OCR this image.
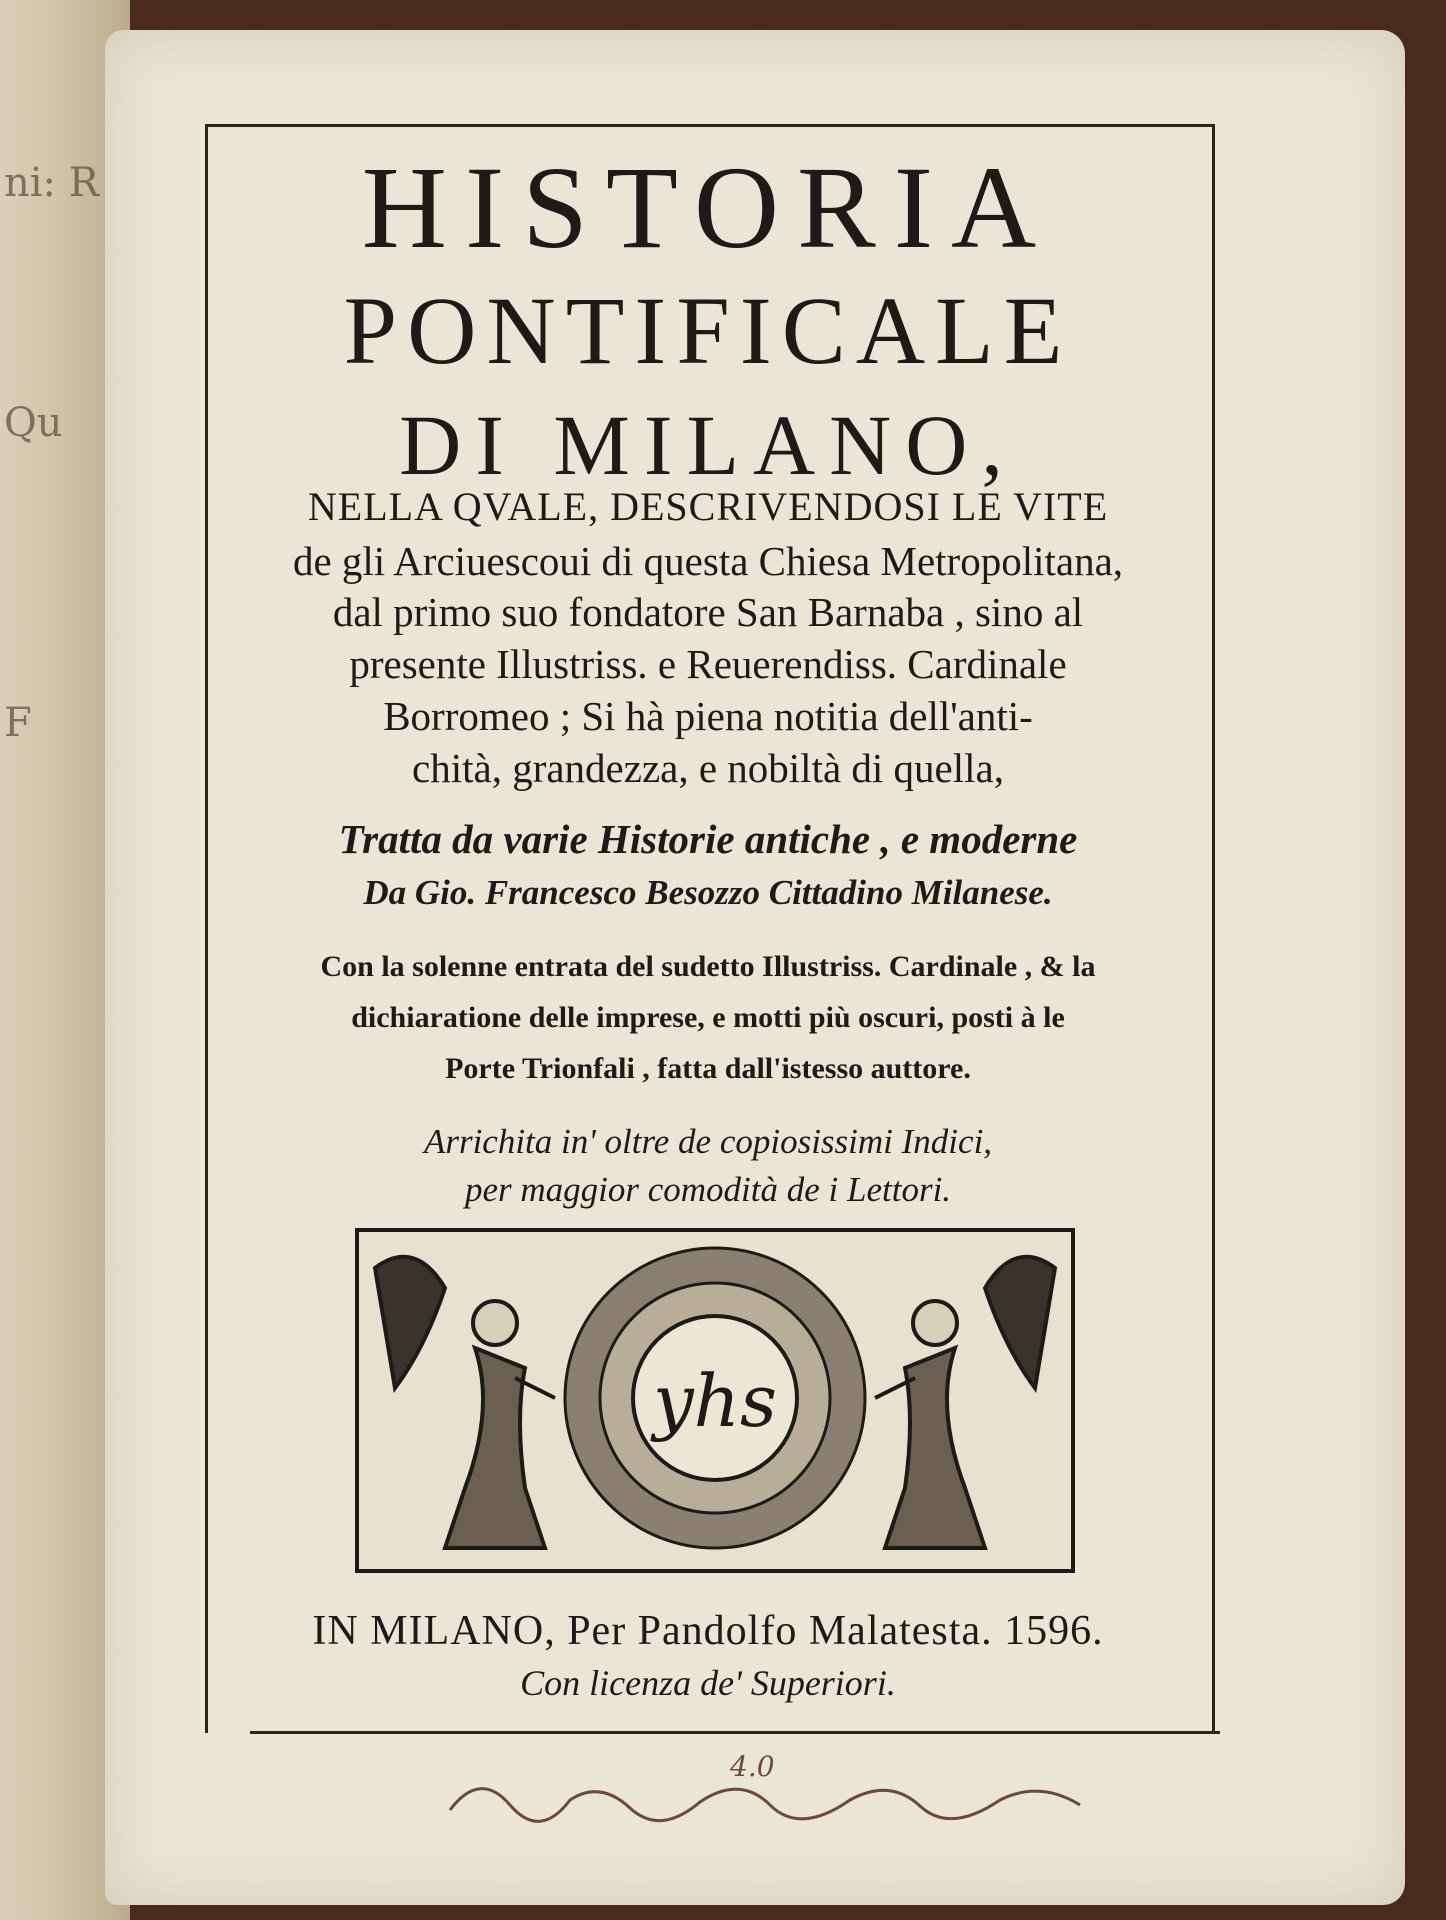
ni: R
Qu
F
HISTORIA
PONTIFICALE
DI MILANO,
NELLA QVALE, DESCRIVENDOSI LE VITE
de gli Arciuescoui di questa Chiesa Metropolitana,
dal primo suo fondatore San Barnaba , sino al
presente Illustriss. e Reuerendiss. Cardinale
Borromeo ; Si hà piena notitia dell'anti-
chità, grandezza, e nobiltà di quella,
Tratta da varie Historie antiche , e moderne
Da Gio. Francesco Besozzo Cittadino Milanese.
Con la solenne entrata del sudetto Illustriss. Cardinale , & la
dichiaratione delle imprese, e motti più oscuri, posti à le
Porte Trionfali , fatta dall'istesso auttore.
Arrichita in' oltre de copiosissimi Indici,
per maggior comodità de i Lettori.
yhs
IN MILANO, Per Pandolfo Malatesta. 1596.
Con licenza de' Superiori.
4.0
